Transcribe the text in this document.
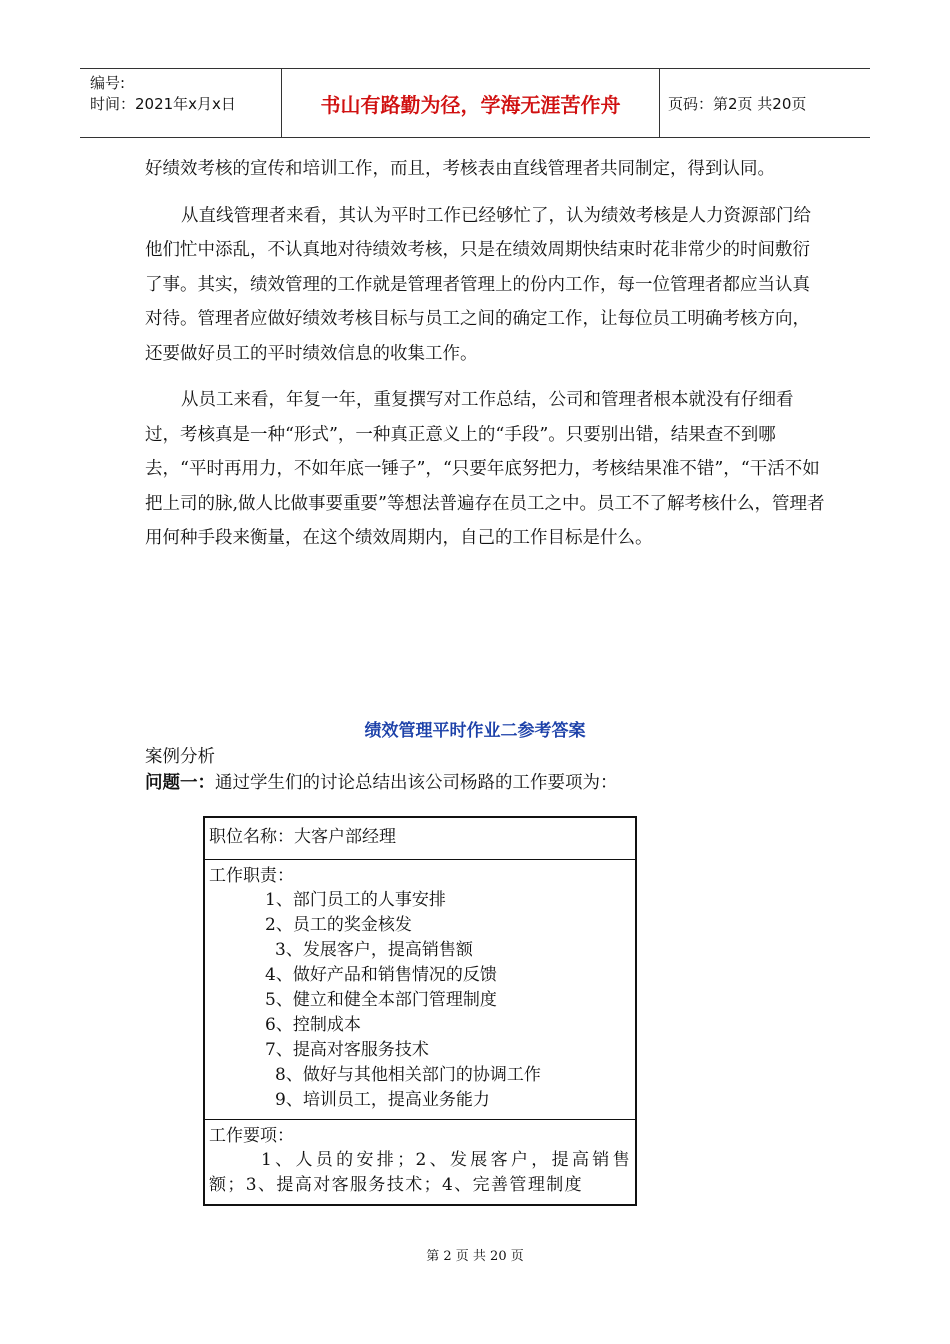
编号:
时间：2021年x月x日	书山有路勤为径，学海无涯苦作舟	页码：第2页 共20页

好绩效考核的宣传和培训工作，而且，考核表由直线管理者共同制定，得到认同。

从直线管理者来看，其认为平时工作已经够忙了，认为绩效考核是人力资源部门给他们忙中添乱，不认真地对待绩效考核，只是在绩效周期快结束时花非常少的时间敷衍了事。其实，绩效管理的工作就是管理者管理上的份内工作，每一位管理者都应当认真对待。管理者应做好绩效考核目标与员工之间的确定工作，让每位员工明确考核方向，还要做好员工的平时绩效信息的收集工作。

从员工来看，年复一年，重复撰写对工作总结，公司和管理者根本就没有仔细看过，考核真是一种“形式”，一种真正意义上的“手段”。只要别出错，结果查不到哪去，“平时再用力，不如年底一锤子”，“只要年底努把力，考核结果准不错”，“干活不如把上司的脉,做人比做事要重要”等想法普遍存在员工之中。员工不了解考核什么，管理者用何种手段来衡量，在这个绩效周期内，自己的工作目标是什么。

绩效管理平时作业二参考答案
案例分析
问题一：通过学生们的讨论总结出该公司杨路的工作要项为：
职位名称：大客户部经理
工作职责：
1、部门员工的人事安排
2、员工的奖金核发
3、发展客户，提高销售额
4、做好产品和销售情况的反馈
5、健立和健全本部门管理制度
6、控制成本
7、提高对客服务技术
8、做好与其他相关部门的协调工作
9、培训员工，提高业务能力
工作要项：
1、人员的安排；2、发展客户，提高销售额；3、提高对客服务技术；4、完善管理制度
第 2 页 共 20 页
